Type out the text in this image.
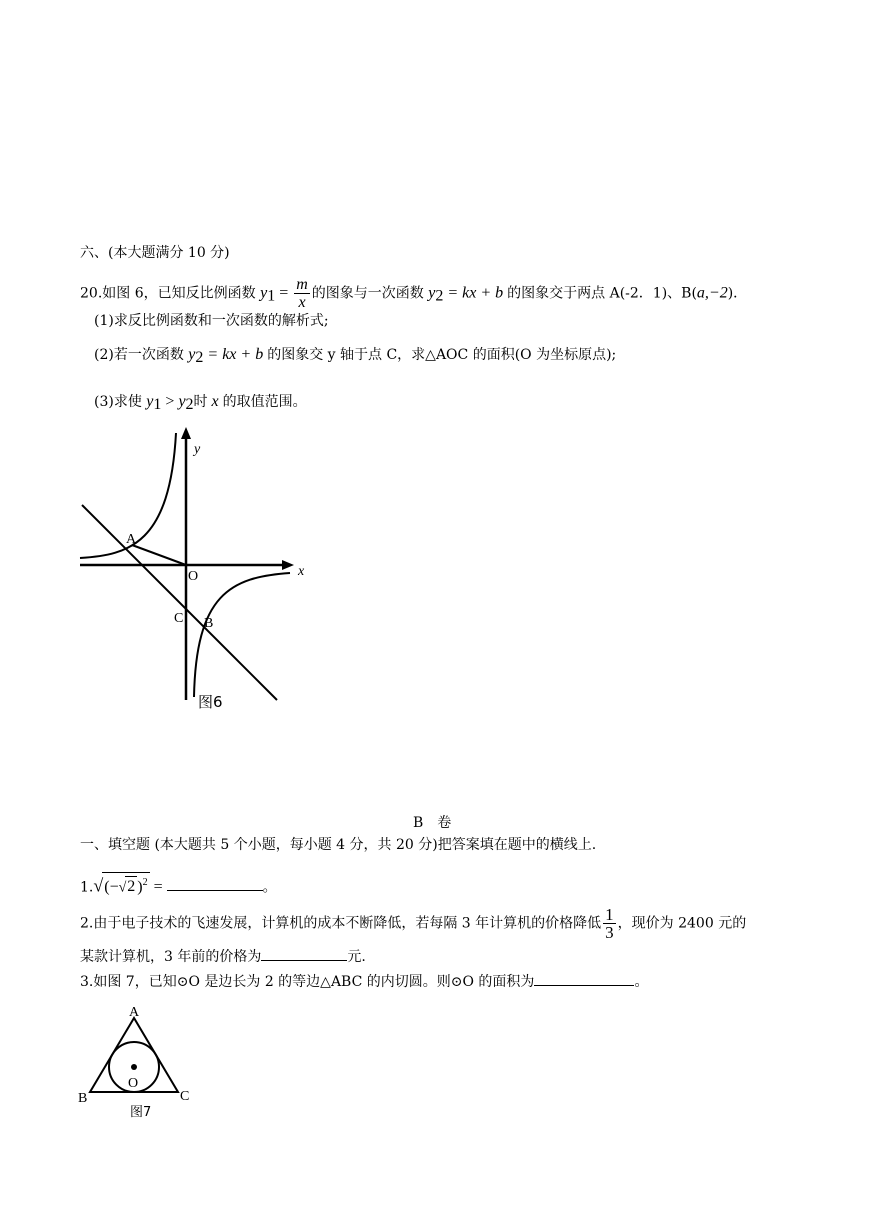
六、(本大题满分 10 分)
20.如图 6，已知反比例函数 $y_1 = \frac{m}{x}$ 的图象与一次函数 $y_2$ = kx + b 的图象交于两点 A(-2．1)、B(a,−2)．
(1)求反比例函数和一次函数的解析式;
(2)若一次函数 $y_2$ = kx + b 的图象交 y 轴于点 C，求△AOC 的面积(O 为坐标原点);
(3)求使 $y_1 > y_2$时 x 的取值范围。
y
x
A
O
C B
图6
B　卷
一、填空题 (本大题共 5 个小题，每小题 4 分，共 20 分)把答案填在题中的横线上.
1.√(−√2 )$^2$ =	。
2.由于电子技术的飞速发展，计算机的成本不断降低，若每隔 3 年计算机的价格降低 $\frac{1}{3}$ ，现价为 2400 元的
某款计算机，3 年前的价格为	元.
3.如图 7，已知⊙O 是边长为 2 的等边△ABC 的内切圆。则⊙O 的面积为	。
A
B	C
O
图7
